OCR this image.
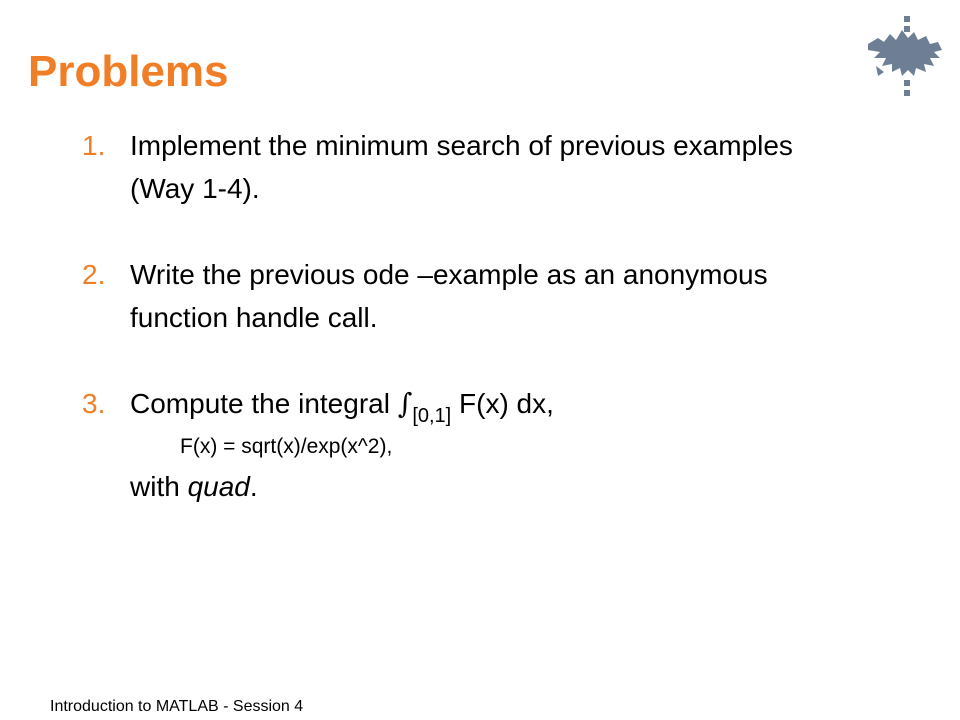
Problems
1. Implement the minimum search of previous examples
(Way 1-4).
2. Write the previous ode –example as an anonymous
function handle call.
3. Compute the integral $\int_{[0,1]}$ F(x) dx,
F(x) = sqrt(x)/exp(x^2),
with quad.
Introduction to MATLAB - Session 4
